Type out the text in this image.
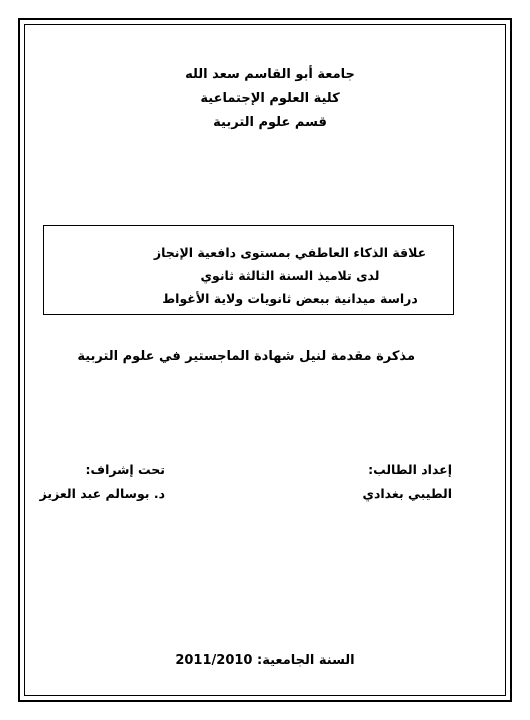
جامعة أبو القاسم سعد الله
كلية العلوم الإجتماعية
قسم علوم التربية
علاقة الذكاء العاطفي بمستوى دافعية الإنجاز
لدى تلاميذ السنة الثالثة ثانوي
دراسة ميدانية ببعض ثانويات ولاية الأغواط
مذكرة مقدمة لنيل شهادة الماجستير في علوم التربية
إعداد الطالب:
الطيبي بغدادي
تحت إشراف:
د. بوسالم عبد العزيز
السنة الجامعية: 2011/2010
